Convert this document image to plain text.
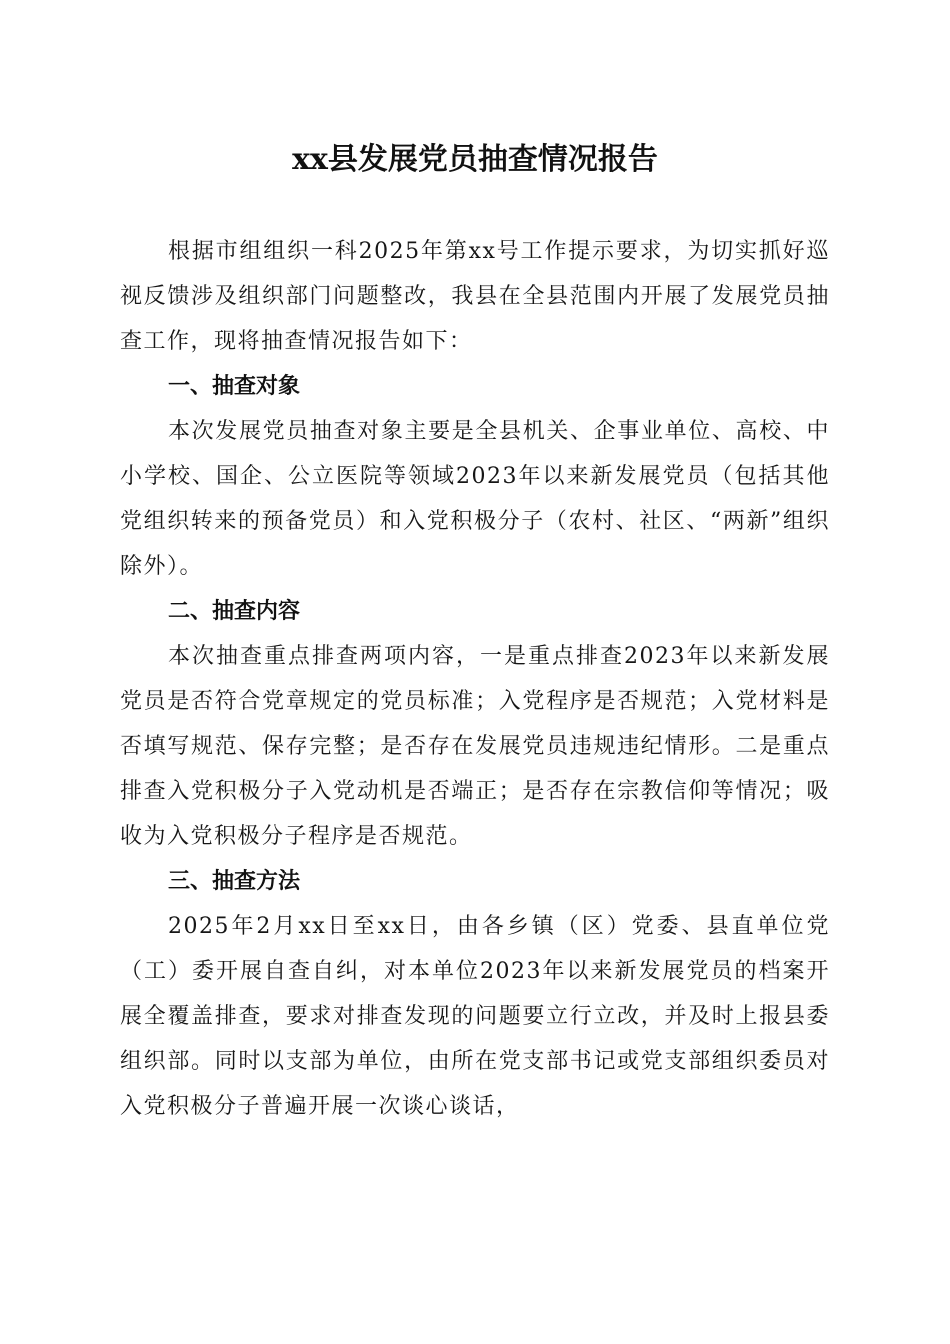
xx县发展党员抽查情况报告

根据市组组织一科2025年第xx号工作提示要求，为切实抓好巡视反馈涉及组织部门问题整改，我县在全县范围内开展了发展党员抽查工作，现将抽查情况报告如下：

一、抽查对象

本次发展党员抽查对象主要是全县机关、企事业单位、高校、中小学校、国企、公立医院等领域2023年以来新发展党员（包括其他党组织转来的预备党员）和入党积极分子（农村、社区、“两新”组织除外）。

二、抽查内容

本次抽查重点排查两项内容，一是重点排查2023年以来新发展党员是否符合党章规定的党员标准；入党程序是否规范；入党材料是否填写规范、保存完整；是否存在发展党员违规违纪情形。二是重点排查入党积极分子入党动机是否端正；是否存在宗教信仰等情况；吸收为入党积极分子程序是否规范。

三、抽查方法

2025年2月xx日至xx日，由各乡镇（区）党委、县直单位党（工）委开展自查自纠，对本单位2023年以来新发展党员的档案开展全覆盖排查，要求对排查发现的问题要立行立改，并及时上报县委组织部。同时以支部为单位，由所在党支部书记或党支部组织委员对入党积极分子普遍开展一次谈心谈话，
